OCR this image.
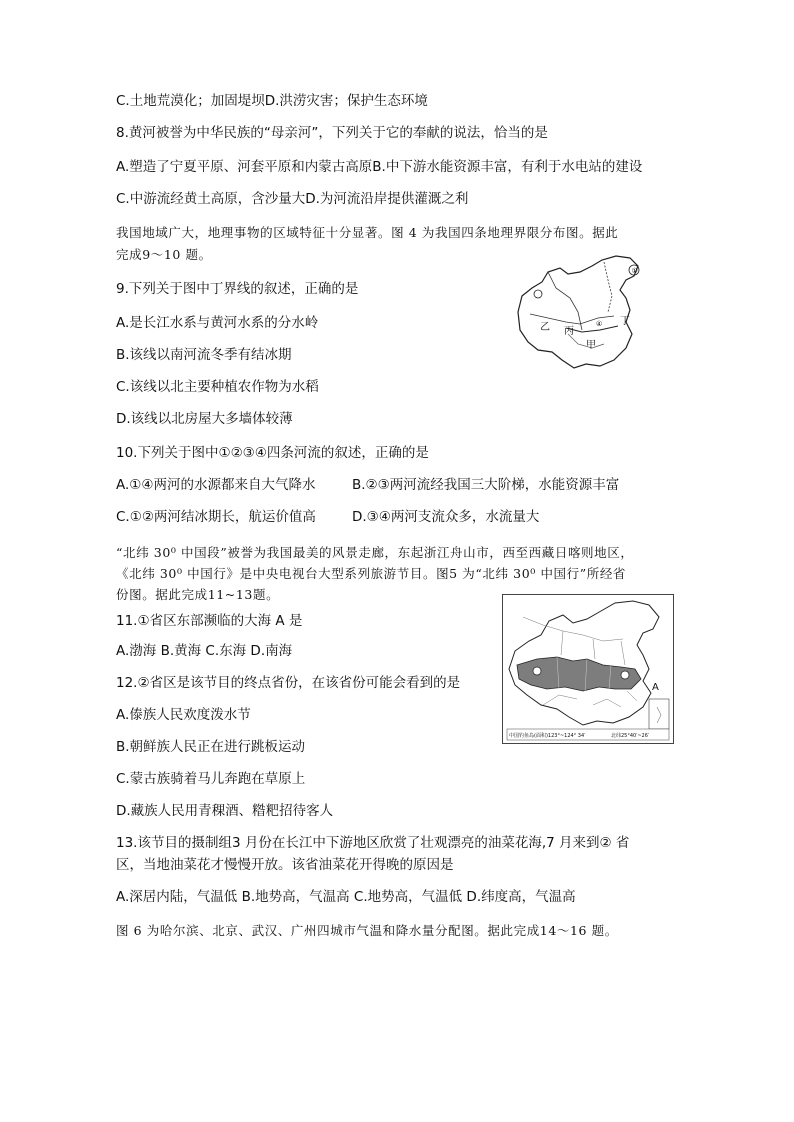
C.土地荒漠化；加固堤坝D.洪涝灾害；保护生态环境
8.黄河被誉为中华民族的“母亲河”，下列关于它的奉献的说法，恰当的是
A.塑造了宁夏平原、河套平原和内蒙古高原B.中下游水能资源丰富，有利于水电站的建设
C.中游流经黄土高原，含沙量大D.为河流沿岸提供灌溉之利
我国地域广大，地理事物的区域特征十分显著。图 4 为我国四条地理界限分布图。据此
完成9～10 题。
9.下列关于图中丁界线的叙述，正确的是
A.是长江水系与黄河水系的分水岭
B.该线以南河流冬季有结冰期
C.该线以北主要种植农作物为水稻
D.该线以北房屋大多墙体较薄
①
乙 丙
丁
甲
④
10.下列关于图中①②③④四条河流的叙述，正确的是
A.①④两河的水源都来自大气降水	B.②③两河流经我国三大阶梯，水能资源丰富
C.①②两河结冰期长，航运价值高	D.③④两河支流众多，水流量大
“北纬 30⁰ 中国段”被誉为我国最美的风景走廊，东起浙江舟山市，西至西藏日喀则地区，
《北纬 30⁰ 中国行》是中央电视台大型系列旅游节目。图5 为“北纬 30⁰ 中国行”所经省
份图。据此完成11~13题。
11.①省区东部濒临的大海 A 是
A.渤海 B.黄海 C.东海 D.南海
A
中国钓鱼岛(面积)123°~124° 34′	北纬25°40′~26′
12.②省区是该节目的终点省份，在该省份可能会看到的是
A.傣族人民欢度泼水节
B.朝鲜族人民正在进行跳板运动
C.蒙古族骑着马儿奔跑在草原上
D.藏族人民用青稞酒、糌粑招待客人
13.该节目的摄制组3 月份在长江中下游地区欣赏了壮观漂亮的油菜花海,7 月来到② 省
区，当地油菜花才慢慢开放。该省油菜花开得晚的原因是
A.深居内陆，气温低 B.地势高，气温高 C.地势高，气温低 D.纬度高，气温高
图 6 为哈尔滨、北京、武汉、广州四城市气温和降水量分配图。据此完成14～16 题。
